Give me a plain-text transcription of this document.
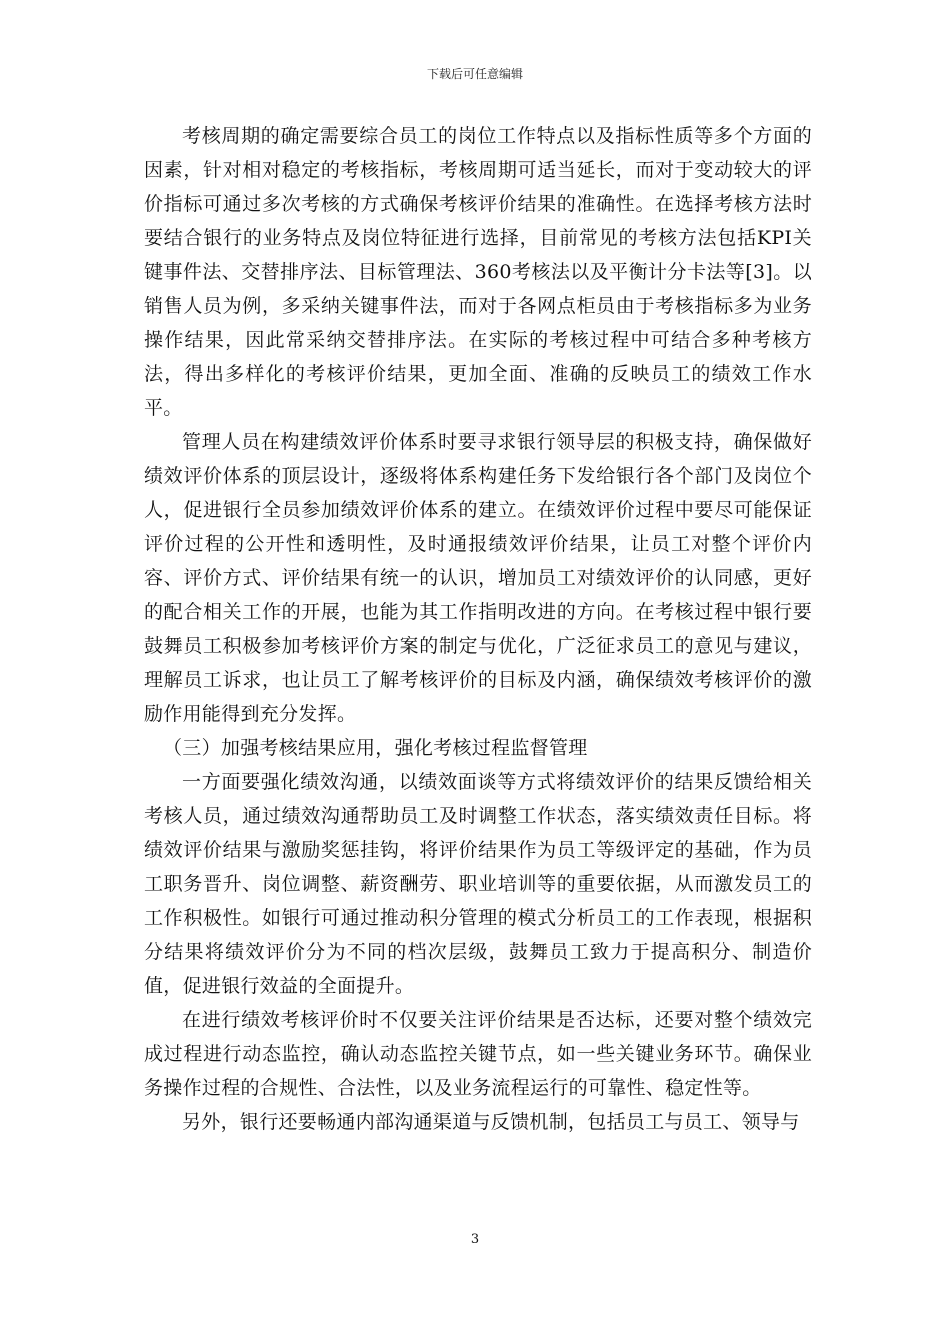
下载后可任意编辑

考核周期的确定需要综合员工的岗位工作特点以及指标性质等多个方面的因素，针对相对稳定的考核指标，考核周期可适当延长，而对于变动较大的评价指标可通过多次考核的方式确保考核评价结果的准确性。在选择考核方法时要结合银行的业务特点及岗位特征进行选择，目前常见的考核方法包括KPI关键事件法、交替排序法、目标管理法、360考核法以及平衡计分卡法等[3]。以销售人员为例，多采纳关键事件法，而对于各网点柜员由于考核指标多为业务操作结果，因此常采纳交替排序法。在实际的考核过程中可结合多种考核方法，得出多样化的考核评价结果，更加全面、准确的反映员工的绩效工作水平。

管理人员在构建绩效评价体系时要寻求银行领导层的积极支持，确保做好绩效评价体系的顶层设计，逐级将体系构建任务下发给银行各个部门及岗位个人，促进银行全员参加绩效评价体系的建立。在绩效评价过程中要尽可能保证评价过程的公开性和透明性，及时通报绩效评价结果，让员工对整个评价内容、评价方式、评价结果有统一的认识，增加员工对绩效评价的认同感，更好的配合相关工作的开展，也能为其工作指明改进的方向。在考核过程中银行要鼓舞员工积极参加考核评价方案的制定与优化，广泛征求员工的意见与建议，理解员工诉求，也让员工了解考核评价的目标及内涵，确保绩效考核评价的激励作用能得到充分发挥。

（三）加强考核结果应用，强化考核过程监督管理

一方面要强化绩效沟通，以绩效面谈等方式将绩效评价的结果反馈给相关考核人员，通过绩效沟通帮助员工及时调整工作状态，落实绩效责任目标。将绩效评价结果与激励奖惩挂钩，将评价结果作为员工等级评定的基础，作为员工职务晋升、岗位调整、薪资酬劳、职业培训等的重要依据，从而激发员工的工作积极性。如银行可通过推动积分管理的模式分析员工的工作表现，根据积分结果将绩效评价分为不同的档次层级，鼓舞员工致力于提高积分、制造价值，促进银行效益的全面提升。

在进行绩效考核评价时不仅要关注评价结果是否达标，还要对整个绩效完成过程进行动态监控，确认动态监控关键节点，如一些关键业务环节。确保业务操作过程的合规性、合法性，以及业务流程运行的可靠性、稳定性等。

另外，银行还要畅通内部沟通渠道与反馈机制，包括员工与员工、领导与

3
